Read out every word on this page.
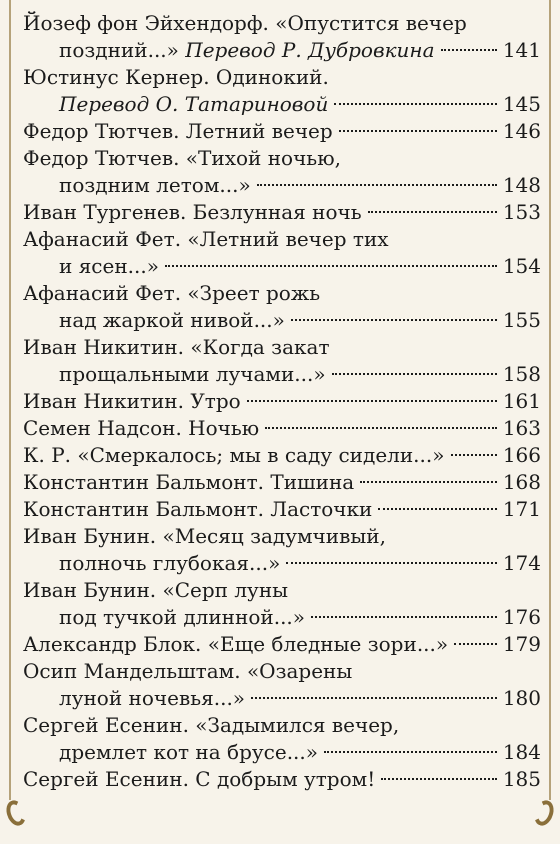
Йозеф фон Эйхендорф. «Опустится вечер
поздний...» Перевод Р. Дубровкина	141
Юстинус Кернер. Одинокий.
Перевод О. Татариновой	145
Федор Тютчев. Летний вечер	146
Федор Тютчев. «Тихой ночью,
поздним летом...»	148
Иван Тургенев. Безлунная ночь	153
Афанасий Фет. «Летний вечер тих
и ясен...»	154
Афанасий Фет. «Зреет рожь
над жаркой нивой...»	155
Иван Никитин. «Когда закат
прощальными лучами...»	158
Иван Никитин. Утро	161
Семен Надсон. Ночью	163
К. Р. «Смеркалось; мы в саду сидели...»	166
Константин Бальмонт. Тишина	168
Константин Бальмонт. Ласточки	171
Иван Бунин. «Месяц задумчивый,
полночь глубокая...»	174
Иван Бунин. «Серп луны
под тучкой длинной...»	176
Александр Блок. «Еще бледные зори...»	179
Осип Мандельштам. «Озарены
луной ночевья...»	180
Сергей Есенин. «Задымился вечер,
дремлет кот на брусе...»	184
Сергей Есенин. С добрым утром!	185
